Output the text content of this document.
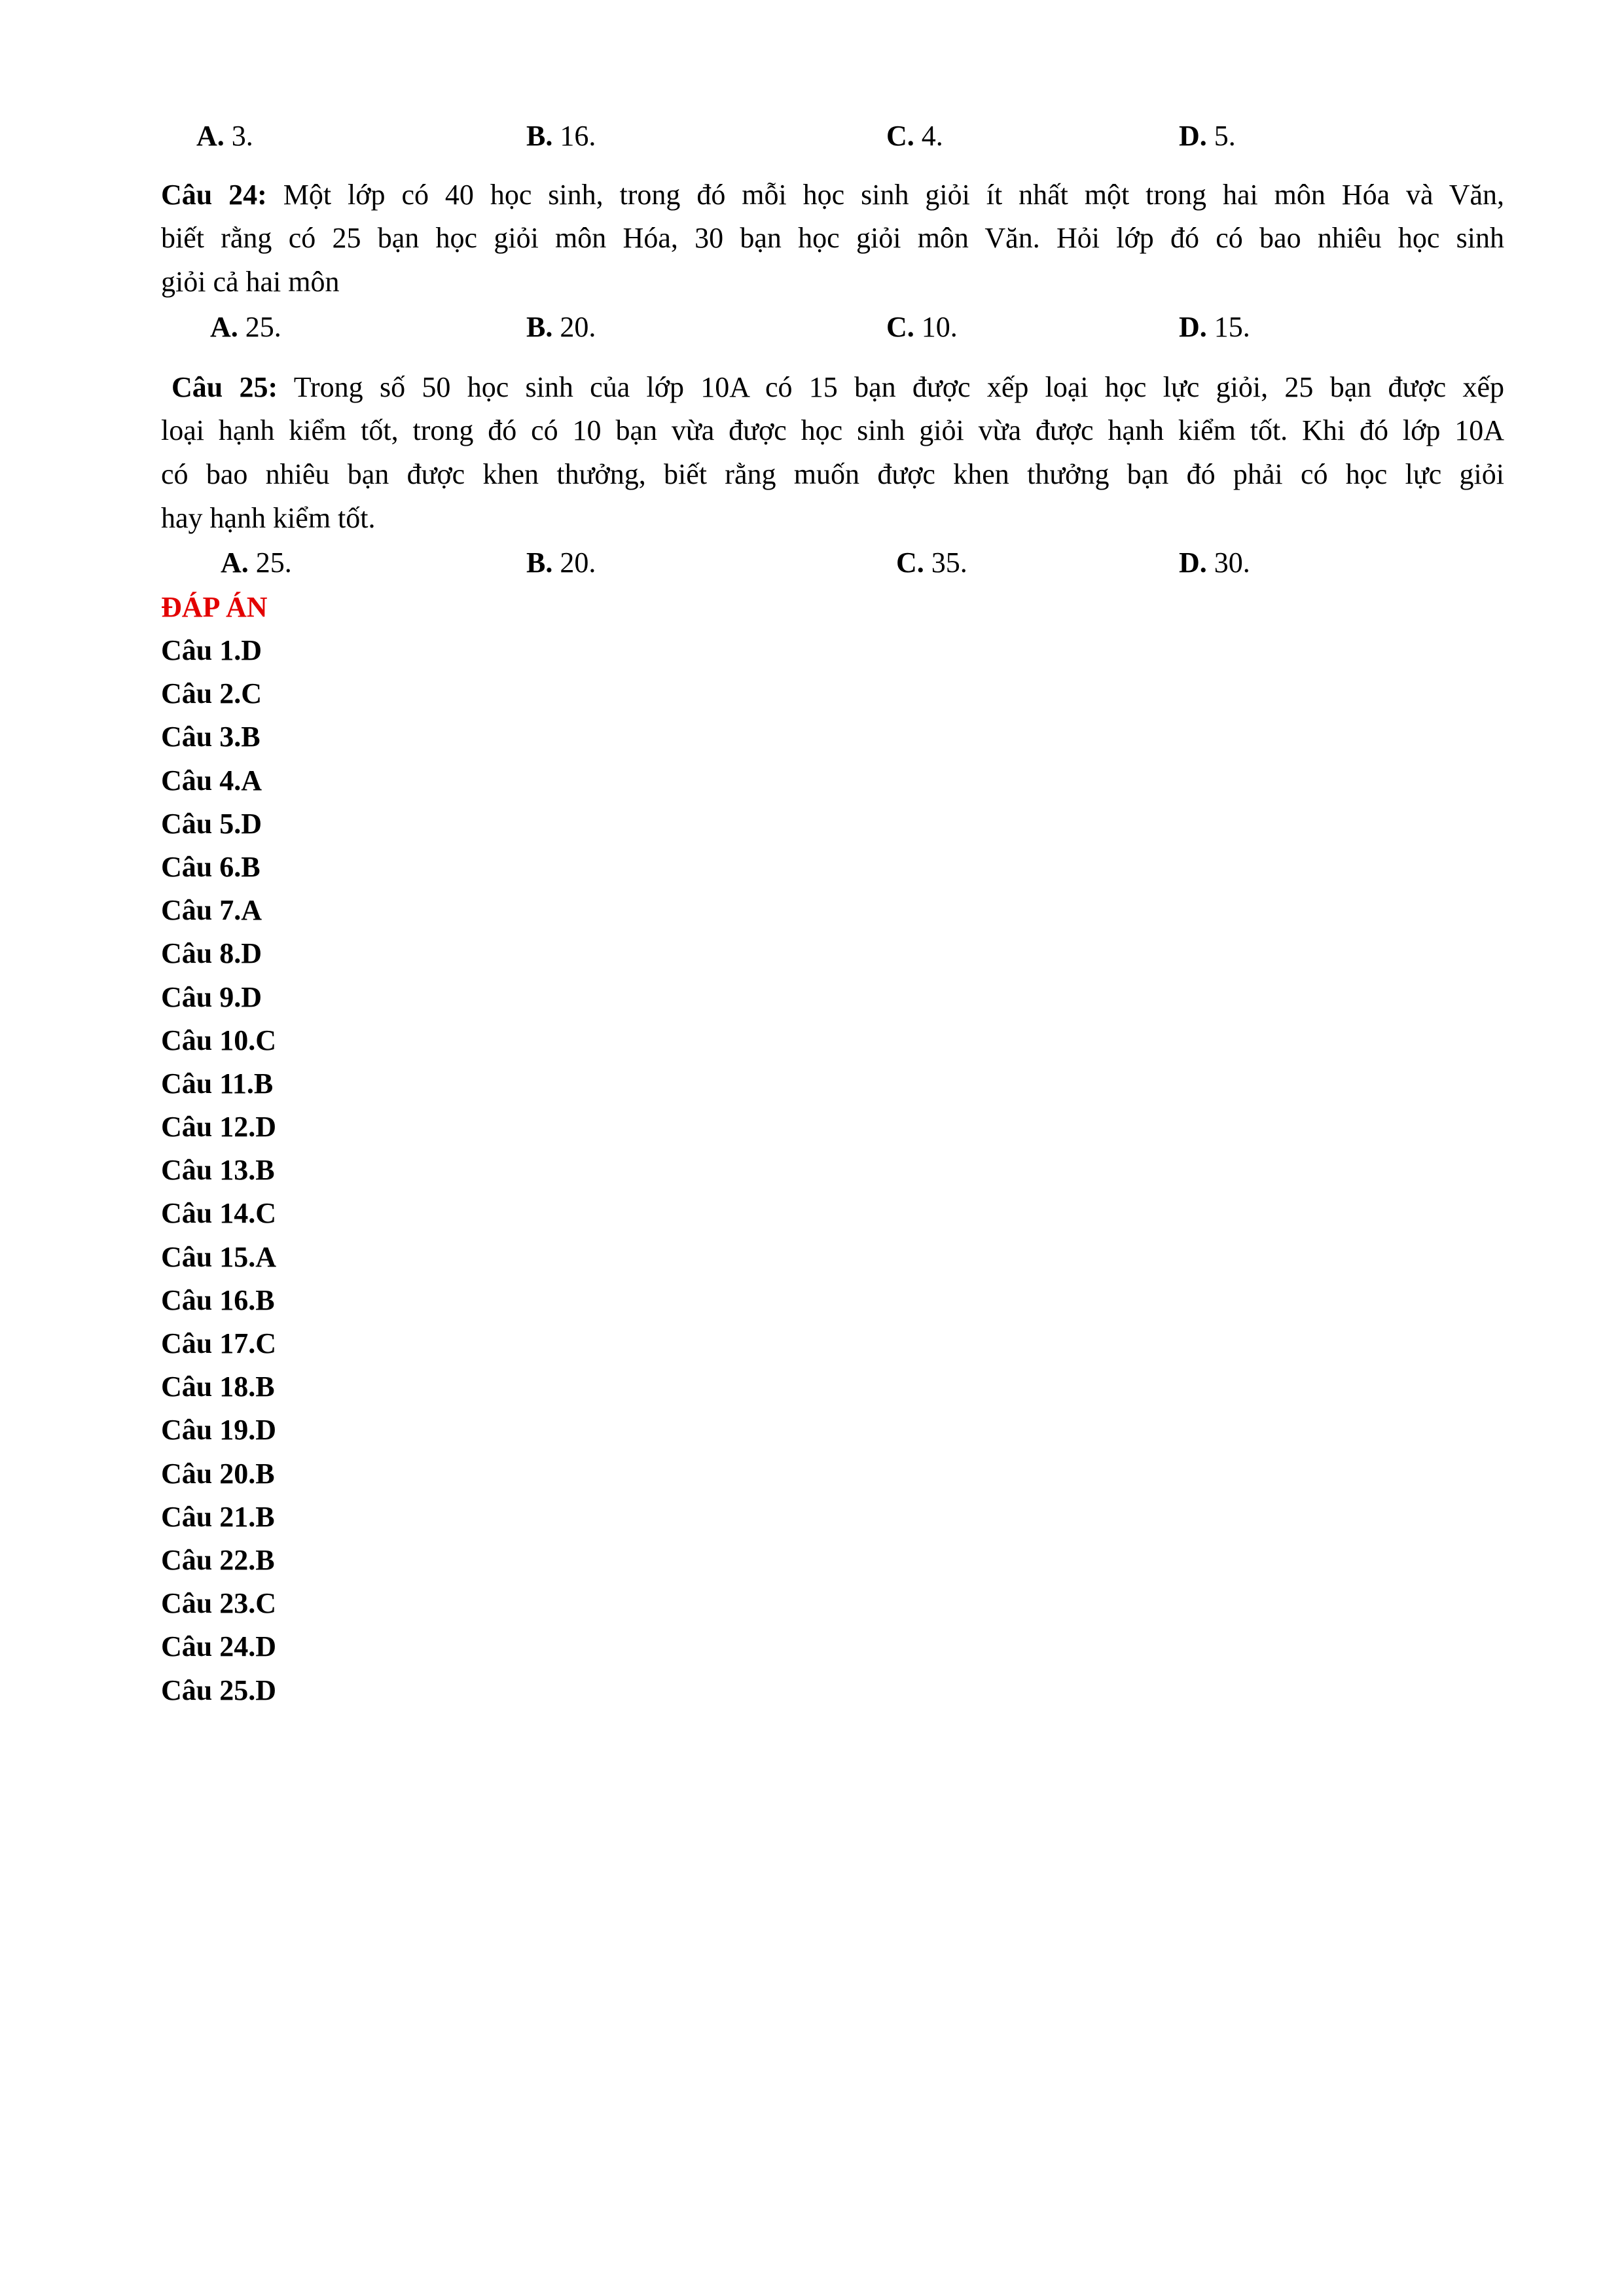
A. 3.	B. 16.	C. 4.	D. 5.
Câu 24: Một lớp có 40 học sinh, trong đó mỗi học sinh giỏi ít nhất một trong hai môn Hóa và Văn,
biết rằng có 25 bạn học giỏi môn Hóa, 30 bạn học giỏi môn Văn. Hỏi lớp đó có bao nhiêu học sinh
giỏi cả hai môn
A. 25.	B. 20.	C. 10.	D. 15.
Câu 25: Trong số 50 học sinh của lớp 10A có 15 bạn được xếp loại học lực giỏi, 25 bạn được xếp
loại hạnh kiểm tốt, trong đó có 10 bạn vừa được học sinh giỏi vừa được hạnh kiểm tốt. Khi đó lớp 10A
có bao nhiêu bạn được khen thưởng, biết rằng muốn được khen thưởng bạn đó phải có học lực giỏi
hay hạnh kiểm tốt.
A. 25.	B. 20.	C. 35.	D. 30.
ĐÁP ÁN
Câu 1.D
Câu 2.C
Câu 3.B
Câu 4.A
Câu 5.D
Câu 6.B
Câu 7.A
Câu 8.D
Câu 9.D
Câu 10.C
Câu 11.B
Câu 12.D
Câu 13.B
Câu 14.C
Câu 15.A
Câu 16.B
Câu 17.C
Câu 18.B
Câu 19.D
Câu 20.B
Câu 21.B
Câu 22.B
Câu 23.C
Câu 24.D
Câu 25.D
